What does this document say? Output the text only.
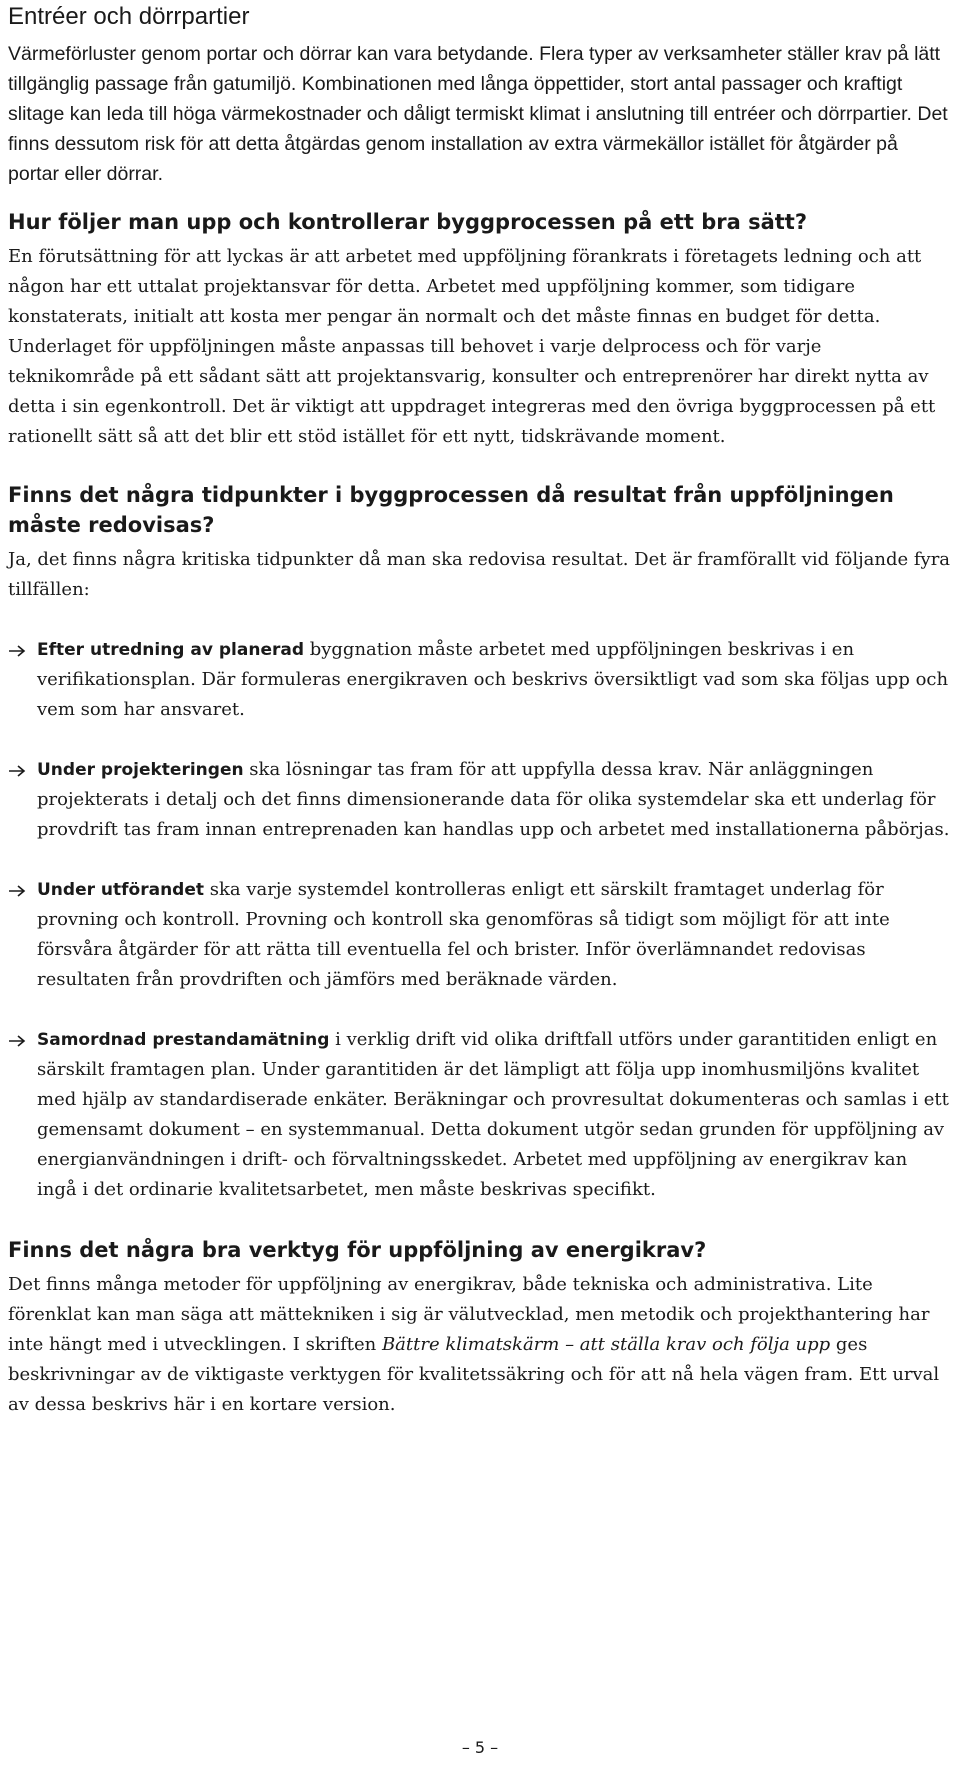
Entréer och dörrpartier

Värmeförluster genom portar och dörrar kan vara betydande. Flera typer av verksamheter ställer krav på lätt tillgänglig passage från gatumiljö. Kombinationen med långa öppettider, stort antal passager och kraftigt slitage kan leda till höga värmekostnader och dåligt termiskt klimat i anslutning till entréer och dörrpartier. Det finns dessutom risk för att detta åtgärdas genom installation av extra värmekällor istället för åtgärder på portar eller dörrar.

Hur följer man upp och kontrollerar byggprocessen på ett bra sätt?

En förutsättning för att lyckas är att arbetet med uppföljning förankrats i företagets ledning och att någon har ett uttalat projektansvar för detta. Arbetet med uppföljning kommer, som tidigare konstaterats, initialt att kosta mer pengar än normalt och det måste finnas en budget för detta. Underlaget för uppföljningen måste anpassas till behovet i varje delprocess och för varje teknikområde på ett sådant sätt att projektansvarig, konsulter och entreprenörer har direkt nytta av detta i sin egenkontroll. Det är viktigt att uppdraget integreras med den övriga byggprocessen på ett rationellt sätt så att det blir ett stöd istället för ett nytt, tidskrävande moment.

Finns det några tidpunkter i byggprocessen då resultat från uppföljningen måste redovisas?

Ja, det finns några kritiska tidpunkter då man ska redovisa resultat. Det är framförallt vid följande fyra tillfällen:

Efter utredning av planerad byggnation måste arbetet med uppföljningen beskrivas i en verifikationsplan. Där formuleras energikraven och beskrivs översiktligt vad som ska följas upp och vem som har ansvaret.
Under projekteringen ska lösningar tas fram för att uppfylla dessa krav. När anläggningen projekterats i detalj och det finns dimensionerande data för olika systemdelar ska ett underlag för provdrift tas fram innan entreprenaden kan handlas upp och arbetet med installationerna påbörjas.
Under utförandet ska varje systemdel kontrolleras enligt ett särskilt framtaget underlag för provning och kontroll. Provning och kontroll ska genomföras så tidigt som möjligt för att inte försvåra åtgärder för att rätta till eventuella fel och brister. Inför överlämnandet redovisas resultaten från provdriften och jämförs med beräknade värden.
Samordnad prestandamätning i verklig drift vid olika driftfall utförs under garantitiden enligt en särskilt framtagen plan. Under garantitiden är det lämpligt att följa upp inomhusmiljöns kvalitet med hjälp av standardiserade enkäter. Beräkningar och provresultat dokumenteras och samlas i ett gemensamt dokument – en systemmanual. Detta dokument utgör sedan grunden för uppföljning av energianvändningen i drift- och förvaltningsskedet. Arbetet med uppföljning av energikrav kan ingå i det ordinarie kvalitetsarbetet, men måste beskrivas specifikt.
Finns det några bra verktyg för uppföljning av energikrav?

Det finns många metoder för uppföljning av energikrav, både tekniska och administrativa. Lite förenklat kan man säga att mättekniken i sig är välutvecklad, men metodik och projekthantering har inte hängt med i utvecklingen. I skriften Bättre klimatskärm – att ställa krav och följa upp ges beskrivningar av de viktigaste verktygen för kvalitetssäkring och för att nå hela vägen fram. Ett urval av dessa beskrivs här i en kortare version.

– 5 –
